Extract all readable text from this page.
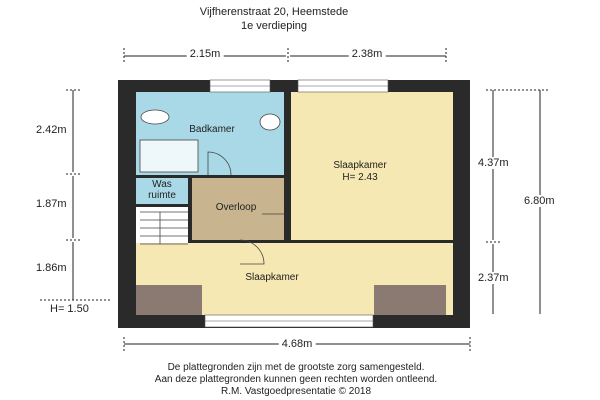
Vijfherenstraat 20, Heemstede
1e verdieping
2.15m	2.38m
2.42m
1.87m
1.86m
4.37m
2.37m
6.80m
4.68m
H= 1.50
Badkamer
Slaapkamer
H= 2.43
Was
ruimte
Overloop
Slaapkamer
De plattegronden zijn met de grootste zorg samengesteld.
Aan deze plattegronden kunnen geen rechten worden ontleend.
R.M. Vastgoedpresentatie © 2018
